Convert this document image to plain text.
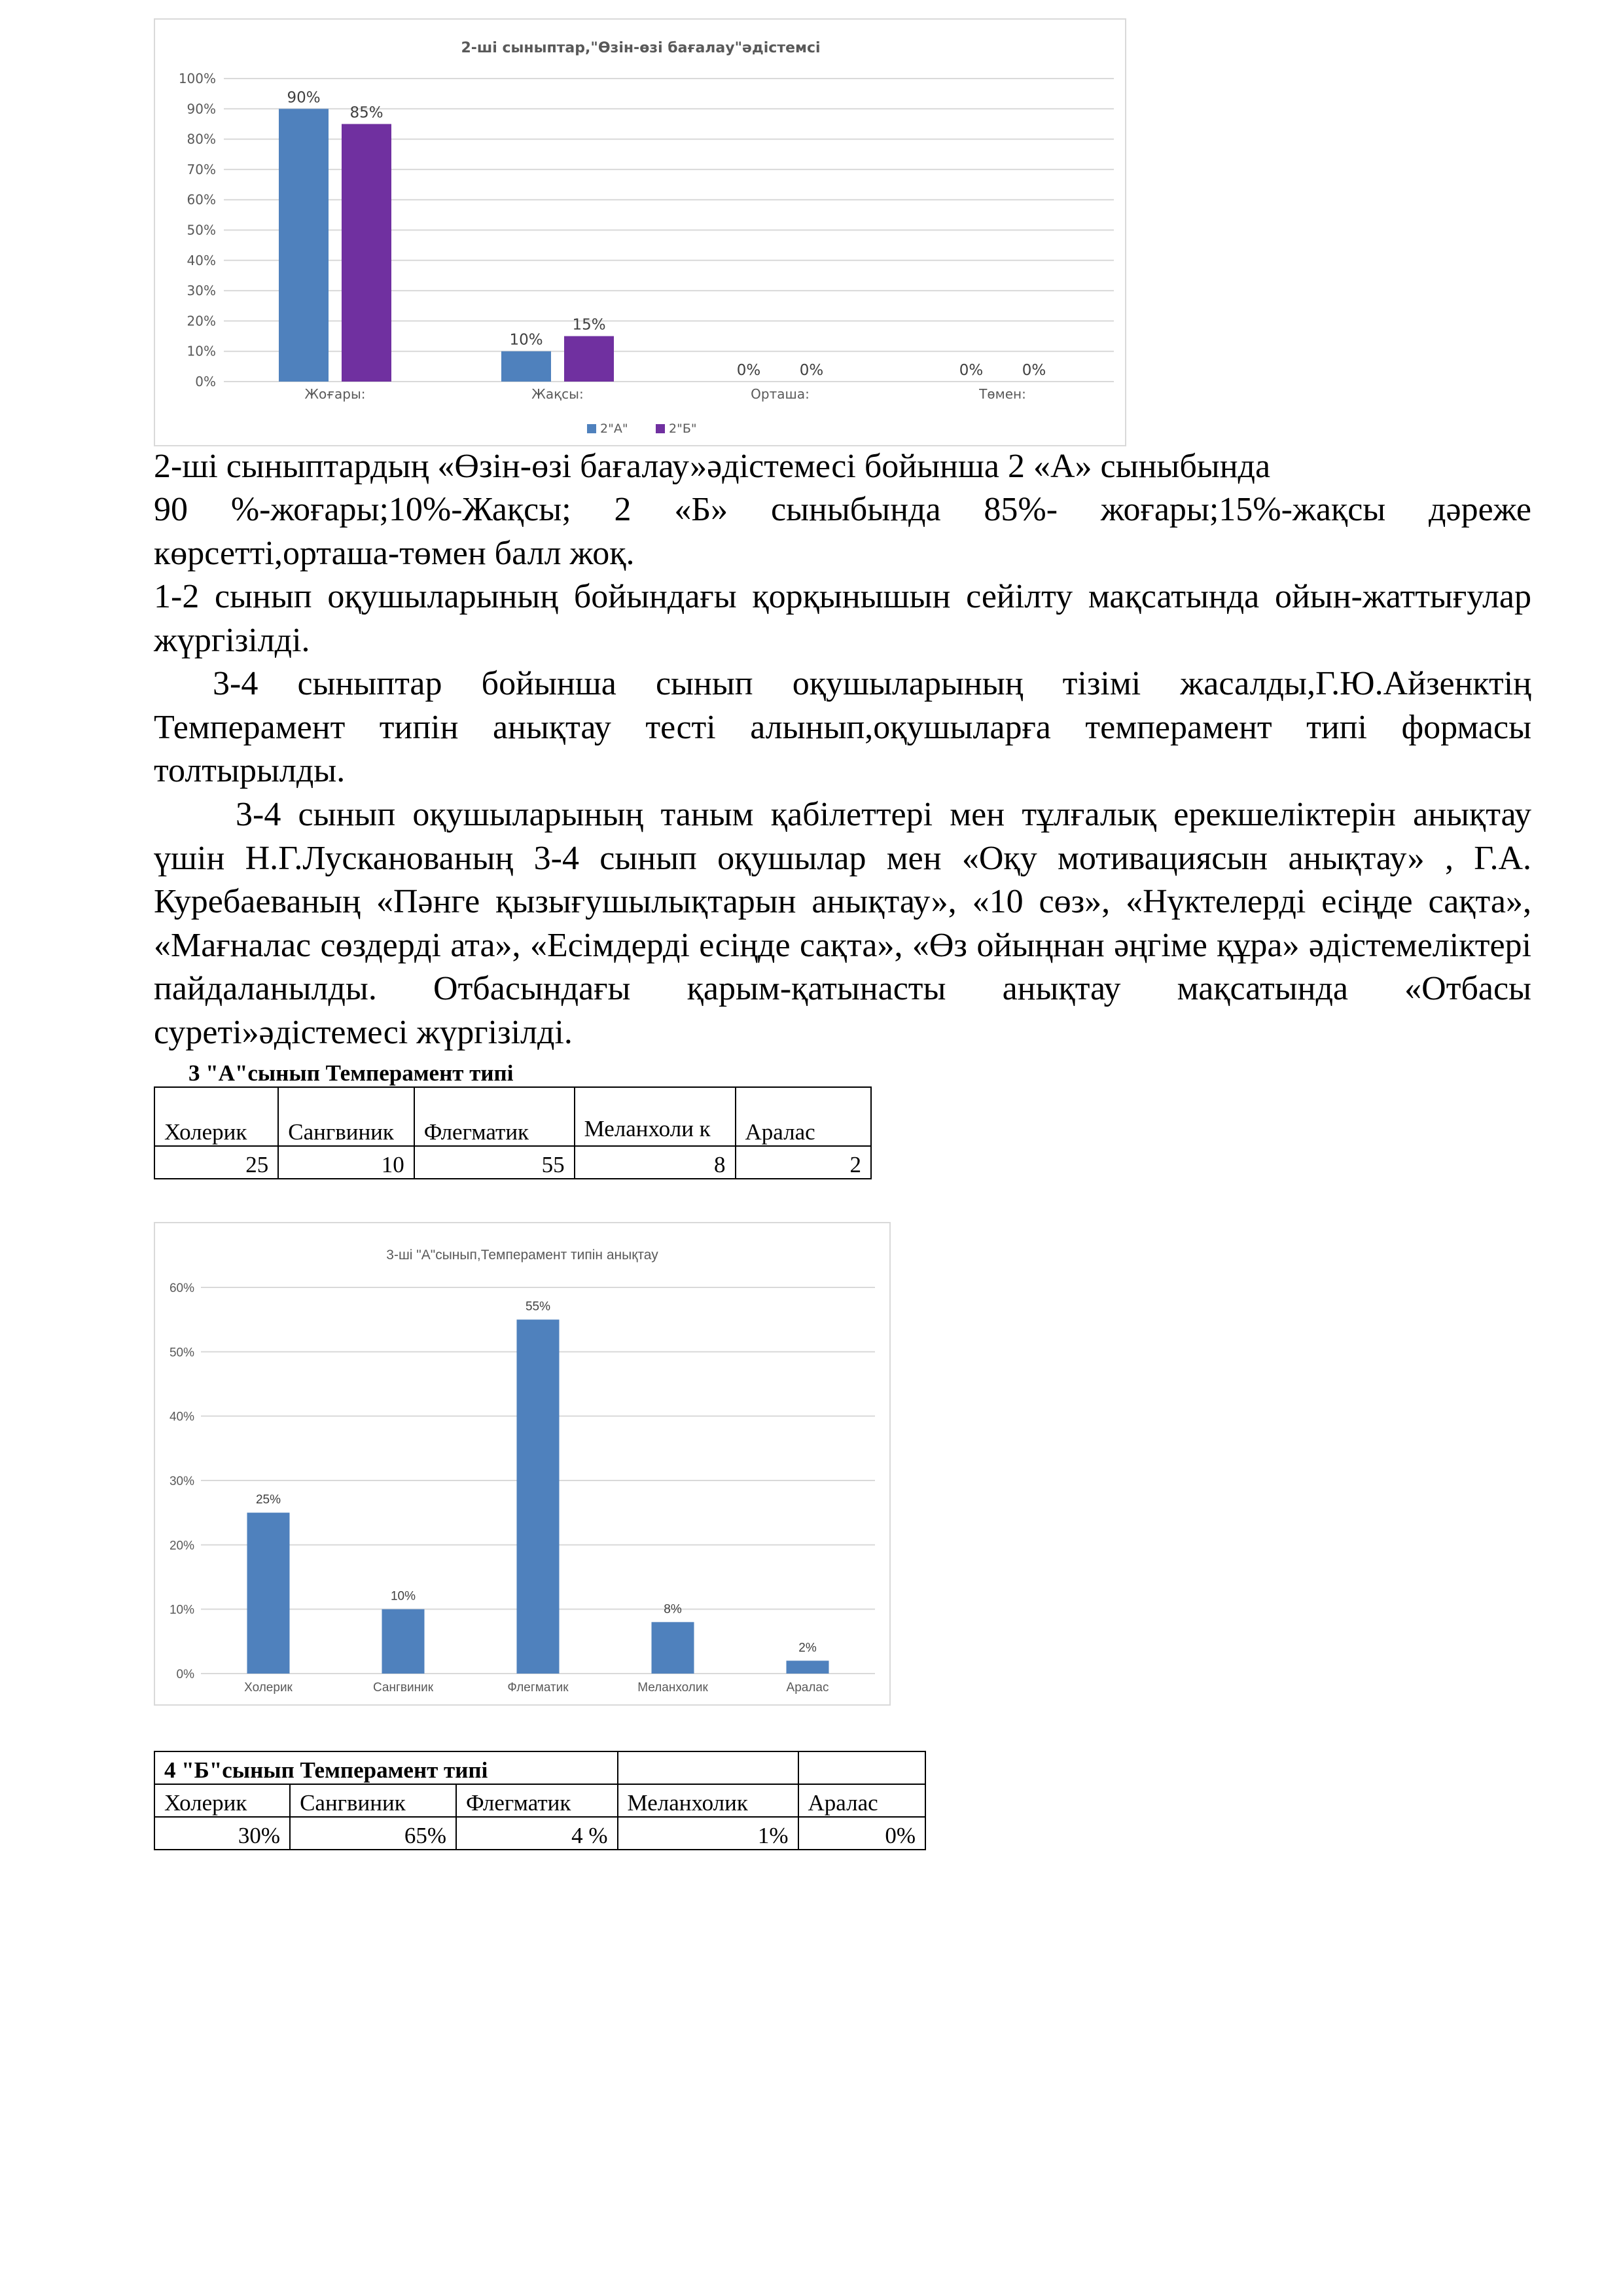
2-ші сыныптар,"Өзін-өзі бағалау"әдістемсі
0%
10%
20%
30%
40%
50%
60%
70%
80%
90%
100%
Жоғары:
90%
85%
Жақсы:
10%
15%
Орташа:
0%	0%
Төмен:
0%	0%
2"А"	2"Б"

2-ші сыныптардың «Өзін-өзі бағалау»әдістемесі бойынша 2 «А» сыныбында

90 %-жоғары;10%-Жақсы; 2 «Б» сыныбында 85%- жоғары;15%-жақсы дәреже көрсетті,орташа-төмен балл жоқ.

1-2 сынып оқушыларының бойындағы қорқынышын сейілту мақсатында ойын-жаттығулар жүргізілді.

3-4 сыныптар бойынша сынып оқушыларының тізімі жасалды,Г.Ю.Айзенктің Темперамент типін анықтау тесті алынып,оқушыларға темперамент типі формасы толтырылды.

3-4 сынып оқушыларының таным қабілеттері мен тұлғалық ерекшеліктерін анықтау үшін Н.Г.Лусканованың 3-4 сынып оқушылар мен «Оқу мотивациясын анықтау» , Г.А. Куребаеваның «Пәнге қызығушылықтарын анықтау», «10 сөз», «Нүктелерді есіңде сақта», «Мағналас сөздерді ата», «Есімдерді есіңде сақта», «Өз ойыңнан әңгіме құра» әдістемеліктері пайдаланылды. Отбасындағы қарым-қатынасты анықтау мақсатында «Отбасы суреті»әдістемесі жүргізілді.

3 "А"сынып Темперамент типі
Холерик	Сангвиник	Флегматик	Меланхоли к	Аралас
25	10	55	8	2
3-ші "А"сынып,Темперамент типін анықтау
0%
10%
20%
30%
40%
50%
60%
25%
Холерик
10%
Сангвиник
55%
Флегматик
8%
Меланхолик
2%
Аралас
4 "Б"сынып Темперамент типі				
Холерик	Сангвиник	Флегматик	Меланхолик	Аралас
30%	65%	4 %	1%	0%
